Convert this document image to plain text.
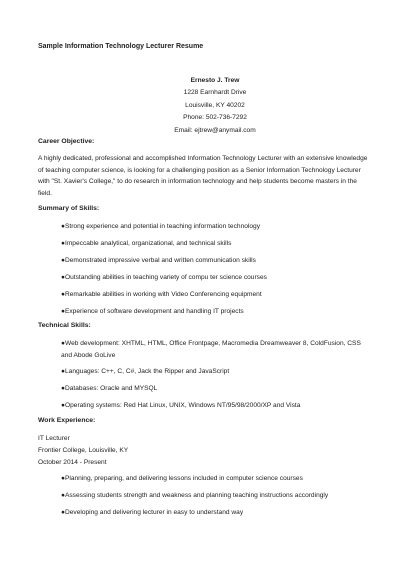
Sample Information Technology Lecturer Resume
Ernesto J. Trew
1228 Earnhardt Drive
Louisville, KY 40202
Phone: 502-736-7292
Email: ejtrew@anymail.com
Career Objective:
A highly dedicated, professional and accomplished Information Technology Lecturer with an extensive knowledge of teaching computer science, is looking for a challenging position as a Senior Information Technology Lecturer with "St. Xavier's College," to do research in information technology and help students become masters in the field.
Summary of Skills:
●Strong experience and potential in teaching information technology
●Impeccable analytical, organizational, and technical skills
●Demonstrated impressive verbal and written communication skills
●Outstanding abilities in teaching variety of compu ter science courses
●Remarkable abilities in working with Video Conferencing equipment
●Experience of software development and handling IT projects
Technical Skills:
●Web development: XHTML, HTML, Office Frontpage, Macromedia Dreamweaver 8, ColdFusion, CSS and Abode GoLive
●Languages: C++, C, C#, Jack the Ripper and JavaScript
●Databases: Oracle and MYSQL
●Operating systems: Red Hat Linux, UNIX, Windows NT/95/98/2000/XP and Vista
Work Experience:
IT Lecturer
Frontier College, Louisville, KY
October 2014 - Present
●Planning, preparing, and delivering lessons included in computer science courses
●Assessing students strength and weakness and planning teaching instructions accordingly
●Developing and delivering lecturer in easy to understand way
